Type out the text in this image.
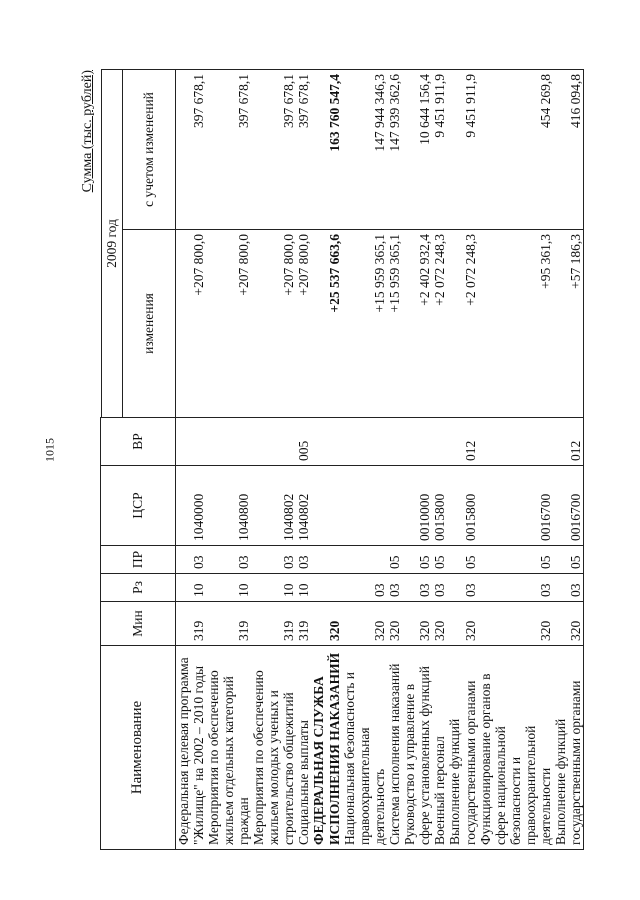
1015
Сумма (тыс. рублей)
Наименование	Мин	Рз	ПР	ЦСР	ВР		
						2009 год	
						изменения	с учетом изменений
Федеральная целевая программа "Жилище" на 2002 – 2010 годы	319	10	03	1040000		+207 800,0	397 678,1
Мероприятия по обеспечению жильем отдельных категорий граждан	319	10	03	1040800		+207 800,0	397 678,1
Мероприятия по обеспечению жильем молодых ученых и строительство общежитий	319	10	03	1040802		+207 800,0	397 678,1
Социальные выплаты	319	10	03	1040802	005	+207 800,0	397 678,1
ФЕДЕРАЛЬНАЯ СЛУЖБА ИСПОЛНЕНИЯ НАКАЗАНИЙ	320					+25 537 663,6	163 760 547,4
Национальная безопасность и правоохранительная деятельность	320	03				+15 959 365,1	147 944 346,3
Система исполнения наказаний	320	03	05			+15 959 365,1	147 939 362,6
Руководство и управление в сфере установленных функций	320	03	05	0010000		+2 402 932,4	10 644 156,4
Военный персонал	320	03	05	0015800		+2 072 248,3	9 451 911,9
Выполнение функций государственными органами	320	03	05	0015800	012	+2 072 248,3	9 451 911,9
Функционирование органов в сфере национальной безопасности и правоохранительной деятельности	320	03	05	0016700		+95 361,3	454 269,8
Выполнение функций государственными органами	320	03	05	0016700	012	+57 186,3	416 094,8
